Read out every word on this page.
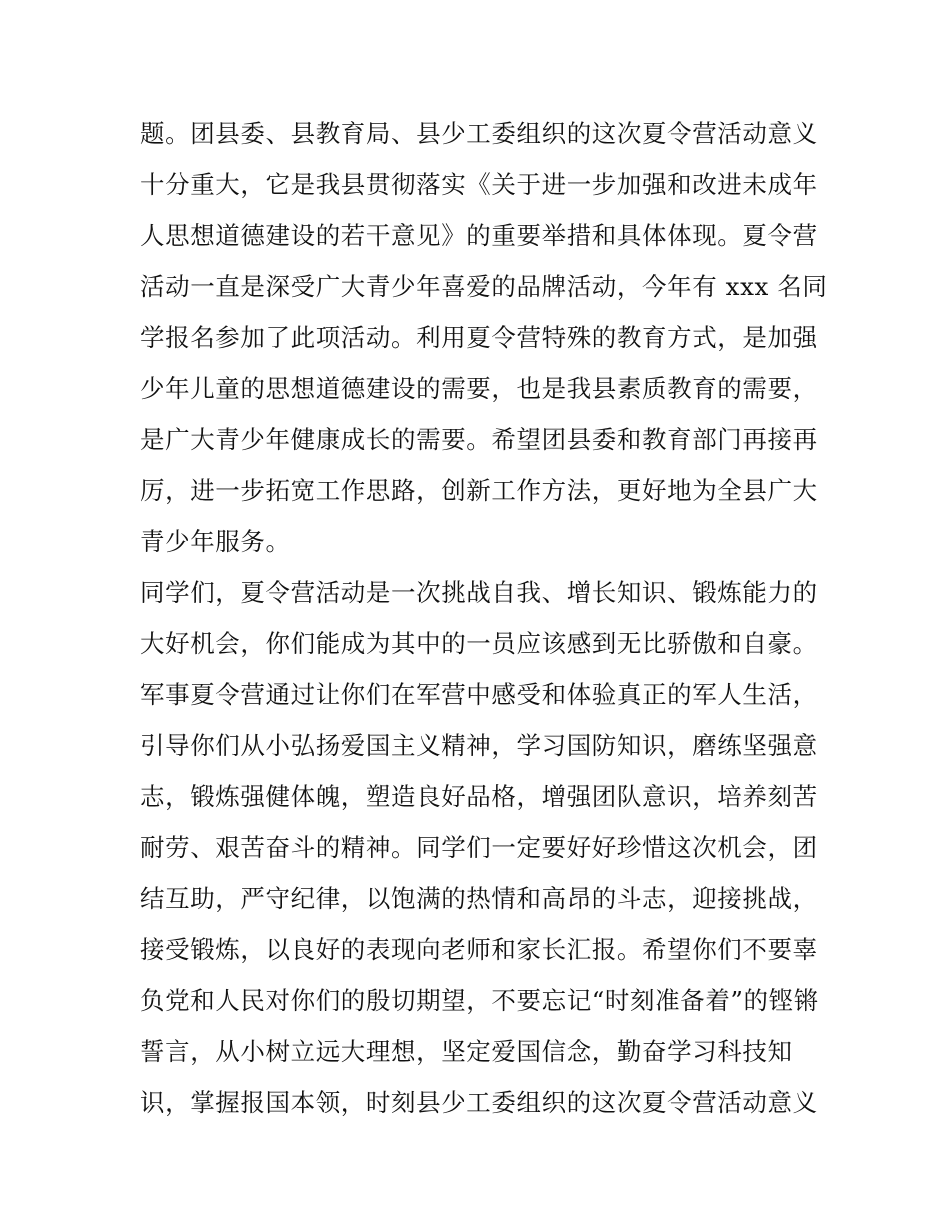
题。团县委、县教育局、县少工委组织的这次夏令营活动意义
十分重大，它是我县贯彻落实《关于进一步加强和改进未成年
人思想道德建设的若干意见》的重要举措和具体体现。夏令营
活动一直是深受广大青少年喜爱的品牌活动，今年有 xxx 名同
学报名参加了此项活动。利用夏令营特殊的教育方式，是加强
少年儿童的思想道德建设的需要，也是我县素质教育的需要，
是广大青少年健康成长的需要。希望团县委和教育部门再接再
厉，进一步拓宽工作思路，创新工作方法，更好地为全县广大
青少年服务。
同学们，夏令营活动是一次挑战自我、增长知识、锻炼能力的
大好机会，你们能成为其中的一员应该感到无比骄傲和自豪。
军事夏令营通过让你们在军营中感受和体验真正的军人生活，
引导你们从小弘扬爱国主义精神，学习国防知识，磨练坚强意
志，锻炼强健体魄，塑造良好品格，增强团队意识，培养刻苦
耐劳、艰苦奋斗的精神。同学们一定要好好珍惜这次机会，团
结互助，严守纪律，以饱满的热情和高昂的斗志，迎接挑战，
接受锻炼，以良好的表现向老师和家长汇报。希望你们不要辜
负党和人民对你们的殷切期望，不要忘记“时刻准备着”的铿锵
誓言，从小树立远大理想，坚定爱国信念，勤奋学习科技知
识，掌握报国本领，时刻县少工委组织的这次夏令营活动意义
